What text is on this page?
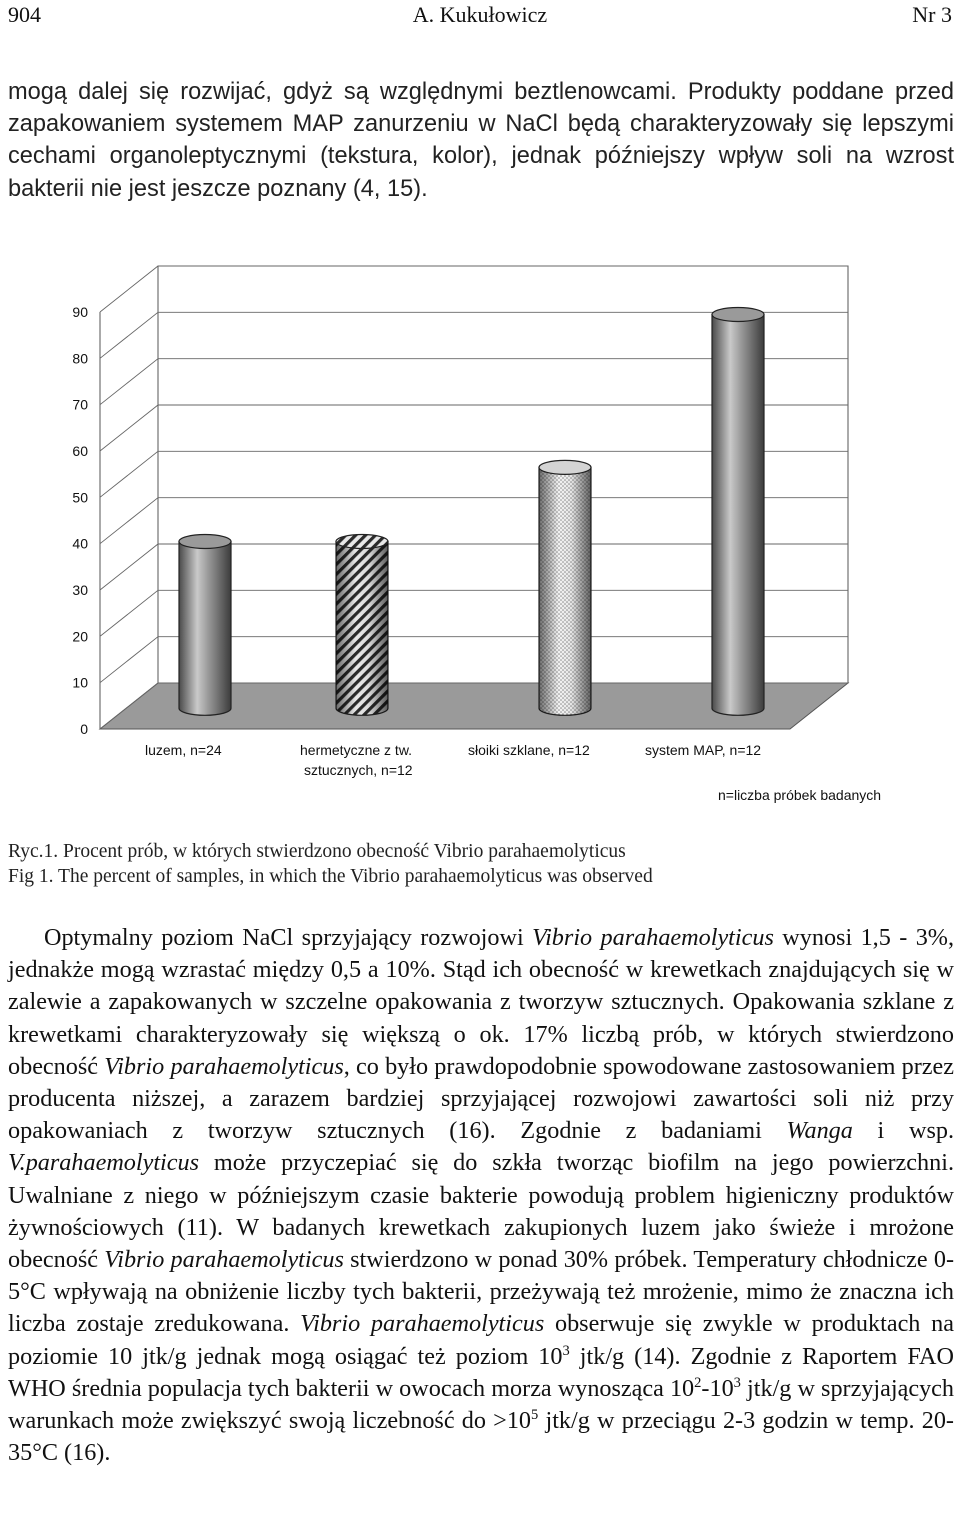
904	A. Kukułowicz	Nr 3

mogą dalej się rozwijać, gdyż są względnymi beztlenowcami. Produkty poddane przed zapakowaniem systemem MAP zanurzeniu w NaCl będą charakteryzowały się lepszymi cechami organoleptycznymi (tekstura, kolor), jednak późniejszy wpływ soli na wzrost bakterii nie jest jeszcze poznany (4, 15).

0
10
20
30
40
50
60
70
80
90
luzem, n=24	hermetyczne z tw.
sztucznych, n=12
słoiki szklane, n=12	system MAP, n=12
n=liczba próbek badanych
Ryc.1. Procent prób, w których stwierdzono obecność Vibrio parahaemolyticus
Fig 1. The percent of samples, in which the Vibrio parahaemolyticus was observed

Optymalny poziom NaCl sprzyjający rozwojowi Vibrio parahaemolyticus wynosi 1,5 - 3%, jednakże mogą wzrastać między 0,5 a 10%. Stąd ich obecność w krewetkach znajdujących się w zalewie a zapakowanych w szczelne opakowania z tworzyw sztucznych. Opakowania szklane z krewetkami charakteryzowały się większą o ok. 17% liczbą prób, w których stwierdzono obecność Vibrio parahaemolyticus, co było prawdopodobnie spowodowane zastosowaniem przez producenta niższej, a zarazem bardziej sprzyjającej rozwojowi zawartości soli niż przy opakowaniach z tworzyw sztucznych (16). Zgodnie z badaniami Wanga i wsp. V.parahaemolyticus może przyczepiać się do szkła tworząc biofilm na jego powierzchni. Uwalniane z niego w późniejszym czasie bakterie powodują problem higieniczny produktów żywnościowych (11). W badanych krewetkach zakupionych luzem jako świeże i mrożone obecność Vibrio parahaemolyticus stwierdzono w ponad 30% próbek. Temperatury chłodnicze 0-5°C wpływają na obniżenie liczby tych bakterii, przeżywają też mrożenie, mimo że znaczna ich liczba zostaje zredukowana. Vibrio parahaemolyticus obserwuje się zwykle w produktach na poziomie 10 jtk/g jednak mogą osiągać też poziom $10^3$ jtk/g (14). Zgodnie z Raportem FAO WHO średnia populacja tych bakterii w owocach morza wynosząca $10^2-10^3$ jtk/g w sprzyjających warunkach może zwiększyć swoją liczebność do $>10^5$ jtk/g w przeciągu 2-3 godzin w temp. 20-35°C (16).
